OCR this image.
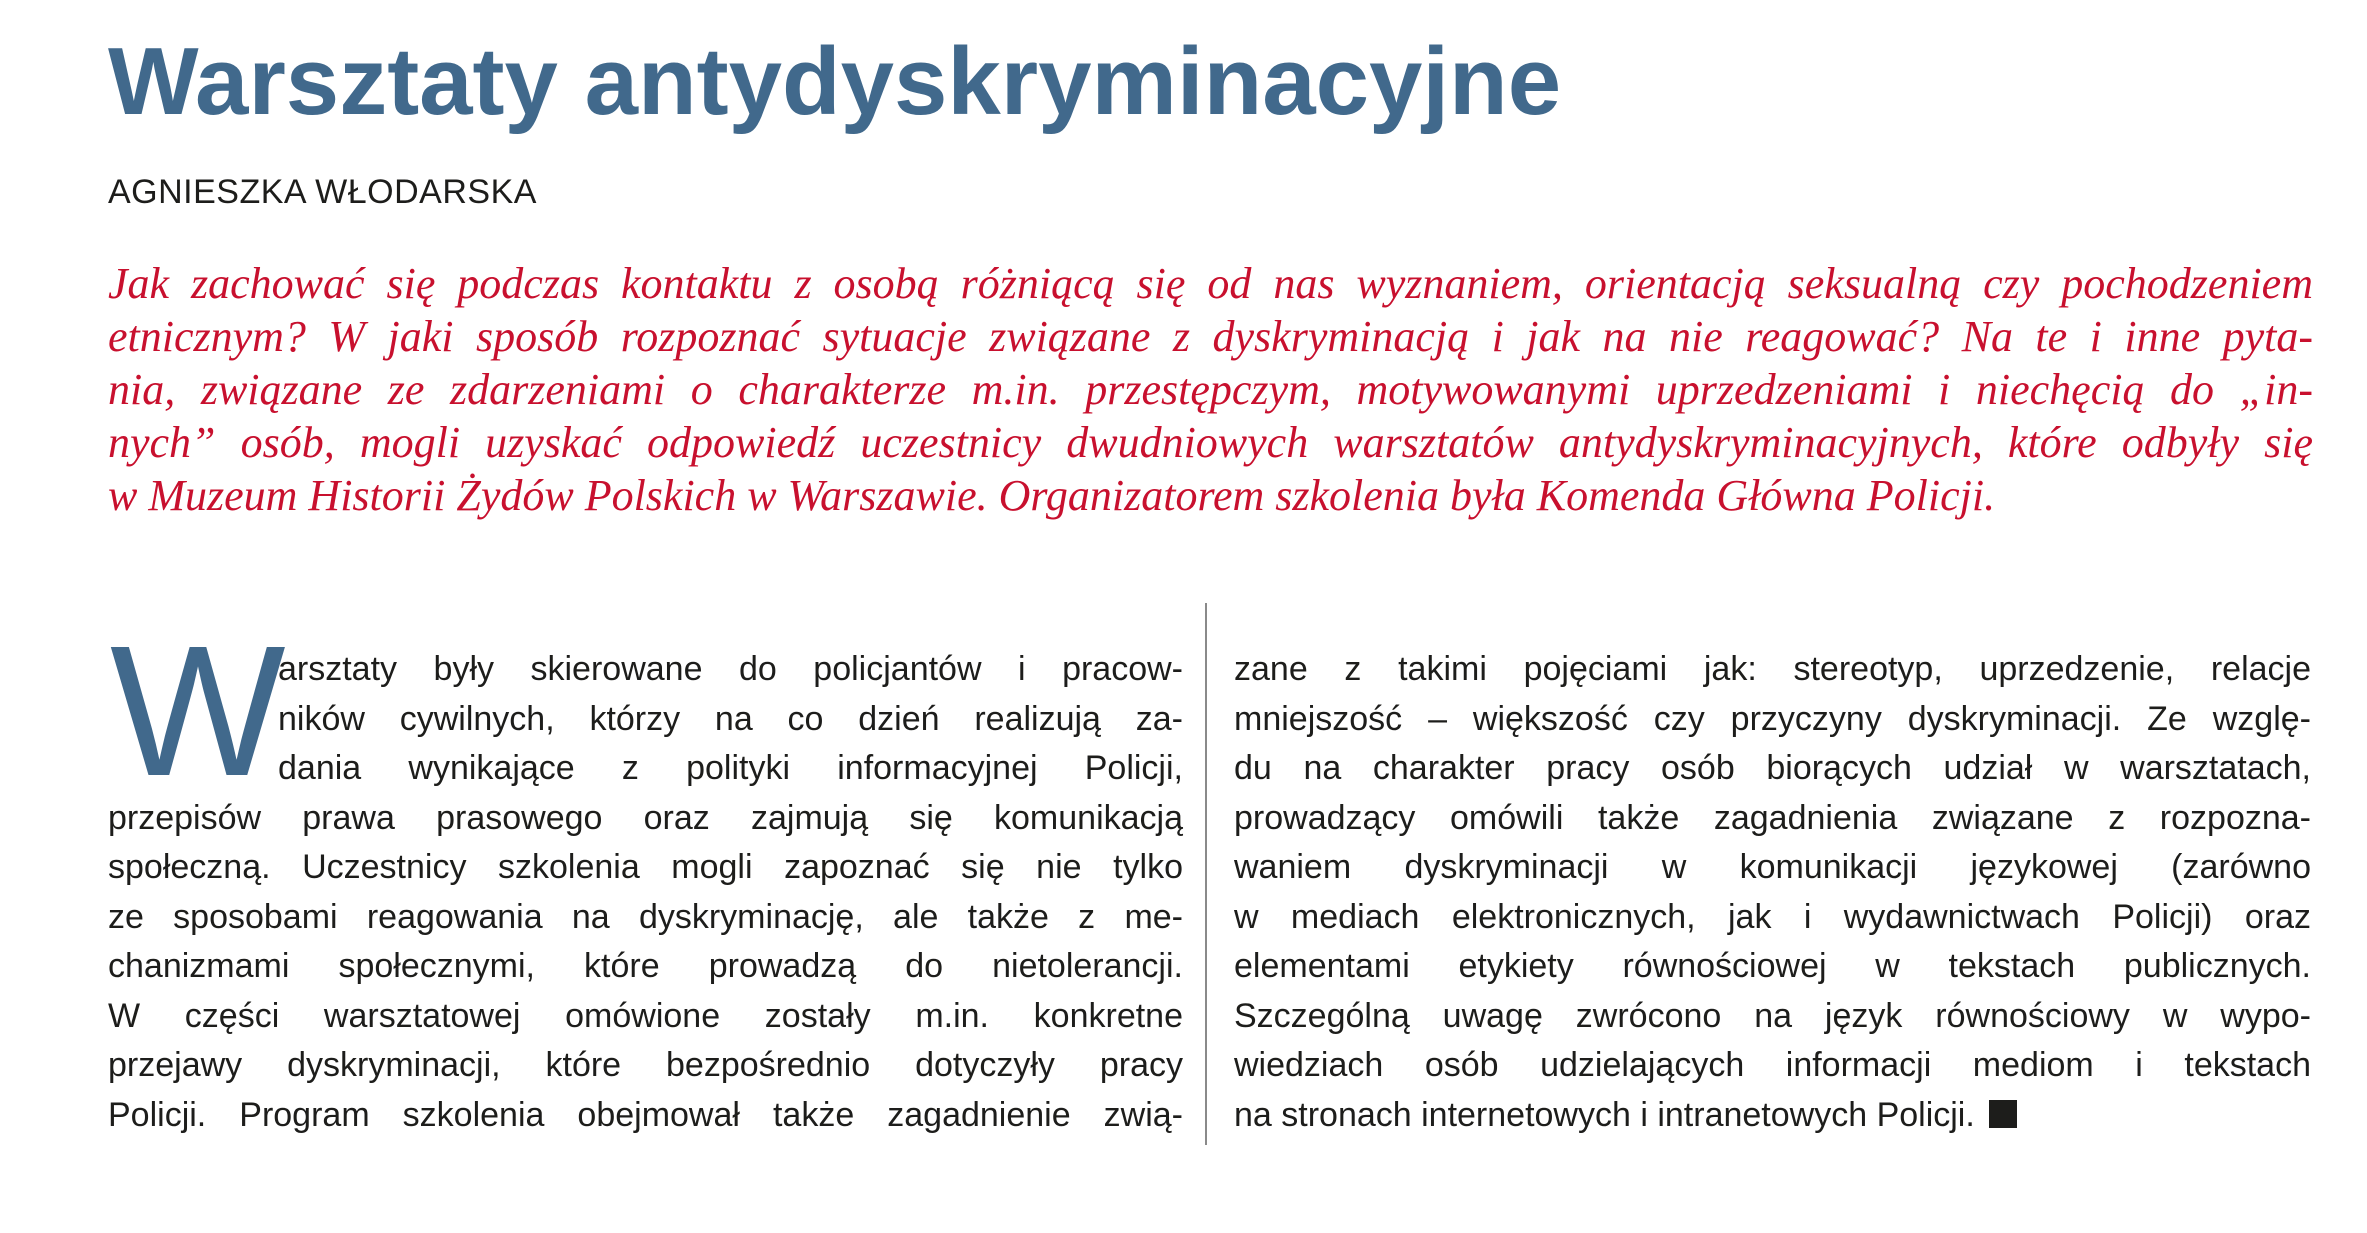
Warsztaty antydyskryminacyjne
AGNIESZKA WŁODARSKA
Jak zachować się podczas kontaktu z osobą różniącą się od nas wyznaniem, orientacją seksualną czy pochodzeniem
etnicznym? W jaki sposób rozpoznać sytuacje związane z dyskryminacją i jak na nie reagować? Na te i inne pyta-
nia, związane ze zdarzeniami o charakterze m.in. przestępczym, motywowanymi uprzedzeniami i niechęcią do „in-
nych” osób, mogli uzyskać odpowiedź uczestnicy dwudniowych warsztatów antydyskryminacyjnych, które odbyły się
w Muzeum Historii Żydów Polskich w Warszawie. Organizatorem szkolenia była Komenda Główna Policji.
W
arsztaty były skierowane do policjantów i pracow-
ników cywilnych, którzy na co dzień realizują za-
dania wynikające z polityki informacyjnej Policji,
przepisów prawa prasowego oraz zajmują się komunikacją
społeczną. Uczestnicy szkolenia mogli zapoznać się nie tylko
ze sposobami reagowania na dyskryminację, ale także z me-
chanizmami społecznymi, które prowadzą do nietolerancji.
W części warsztatowej omówione zostały m.in. konkretne
przejawy dyskryminacji, które bezpośrednio dotyczyły pracy
Policji. Program szkolenia obejmował także zagadnienie zwią-
zane z takimi pojęciami jak: stereotyp, uprzedzenie, relacje
mniejszość – większość czy przyczyny dyskryminacji. Ze wzglę-
du na charakter pracy osób biorących udział w warsztatach,
prowadzący omówili także zagadnienia związane z rozpozna-
waniem dyskryminacji w komunikacji językowej (zarówno
w mediach elektronicznych, jak i wydawnictwach Policji) oraz
elementami etykiety równościowej w tekstach publicznych.
Szczególną uwagę zwrócono na język równościowy w wypo-
wiedziach osób udzielających informacji mediom i tekstach
na stronach internetowych i intranetowych Policji.
